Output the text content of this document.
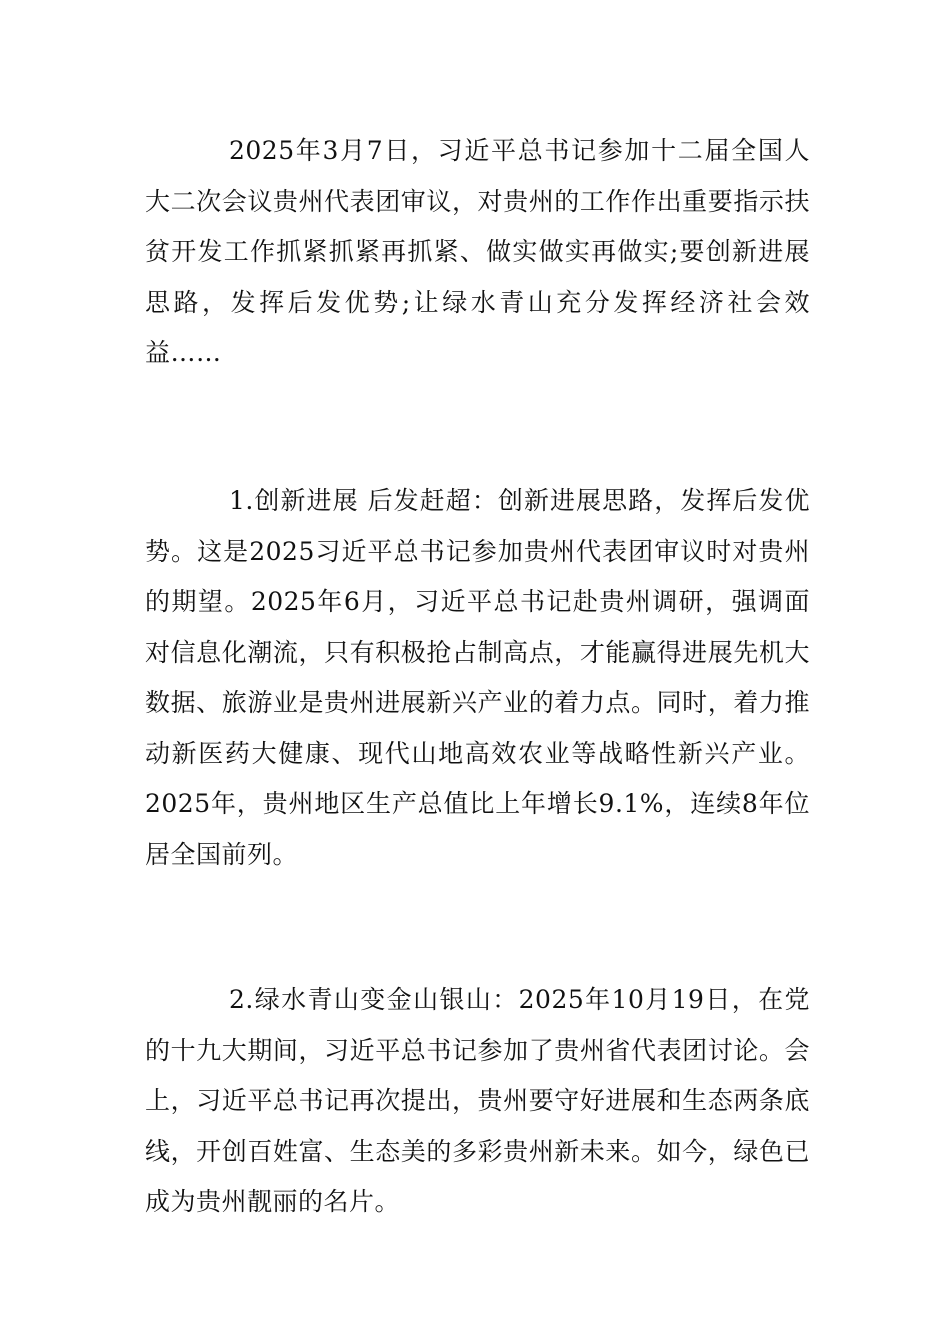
2025年3月7日，习近平总书记参加十二届全国人大二次会议贵州代表团审议，对贵州的工作作出重要指示扶贫开发工作抓紧抓紧再抓紧、做实做实再做实;要创新进展思路，发挥后发优势;让绿水青山充分发挥经济社会效益……

1.创新进展 后发赶超：创新进展思路，发挥后发优势。这是2025习近平总书记参加贵州代表团审议时对贵州的期望。2025年6月，习近平总书记赴贵州调研，强调面对信息化潮流，只有积极抢占制高点，才能赢得进展先机大数据、旅游业是贵州进展新兴产业的着力点。同时，着力推动新医药大健康、现代山地高效农业等战略性新兴产业。2025年，贵州地区生产总值比上年增长9.1%，连续8年位居全国前列。

2.绿水青山变金山银山：2025年10月19日，在党的十九大期间，习近平总书记参加了贵州省代表团讨论。会上，习近平总书记再次提出，贵州要守好进展和生态两条底线，开创百姓富、生态美的多彩贵州新未来。如今，绿色已成为贵州靓丽的名片。
